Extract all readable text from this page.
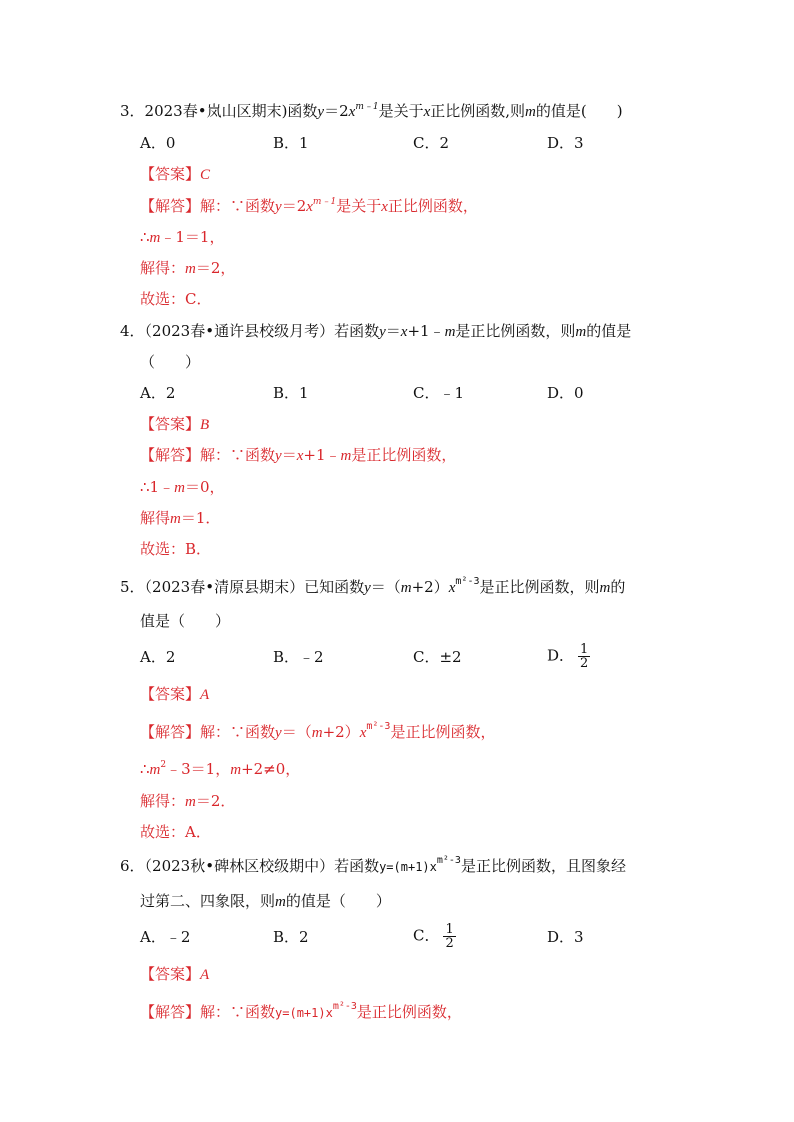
3．2023春•岚山区期末)函数$y=2x^{m﹣1}$是关于x正比例函数,则m的值是(　　)
A．0	B．1	C．2	D．3
【答案】C
【解答】解：∵函数$y=2x^{m﹣1}$是关于x正比例函数，
∴m﹣1＝1，
解得：m＝2，
故选：C．
4．（2023春•通许县校级月考）若函数y＝x+1﹣m是正比例函数，则m的值是
（　　）
A．2	B．1	C．﹣1	D．0
【答案】B
【解答】解：∵函数y＝x+1﹣m是正比例函数，
∴1﹣m＝0，
解得m＝1．
故选：B．
5．（2023春•清原县期末）已知函数$y=(m+2)x^{m^2-3}$是正比例函数，则m的
值是（　　）
A．2	B．﹣2	C．±2	D． $\frac{1}{2}$
【答案】A
【解答】解：∵函数$y=(m+2)x^{m^2-3}$是正比例函数，
$\therefore m^2﹣3=1$，m+2≠0，
解得：m＝2．
故选：A．
6．（2023秋•碑林区校级期中）若函数$y=(m+1)x^{m^2-3}$是正比例函数，且图象经
过第二、四象限，则m的值是（　　）
A．﹣2	B．2	C． $\frac{1}{2}$	D．3
【答案】A
【解答】解：∵函数$y=(m+1)x^{m^2-3}$是正比例函数，
